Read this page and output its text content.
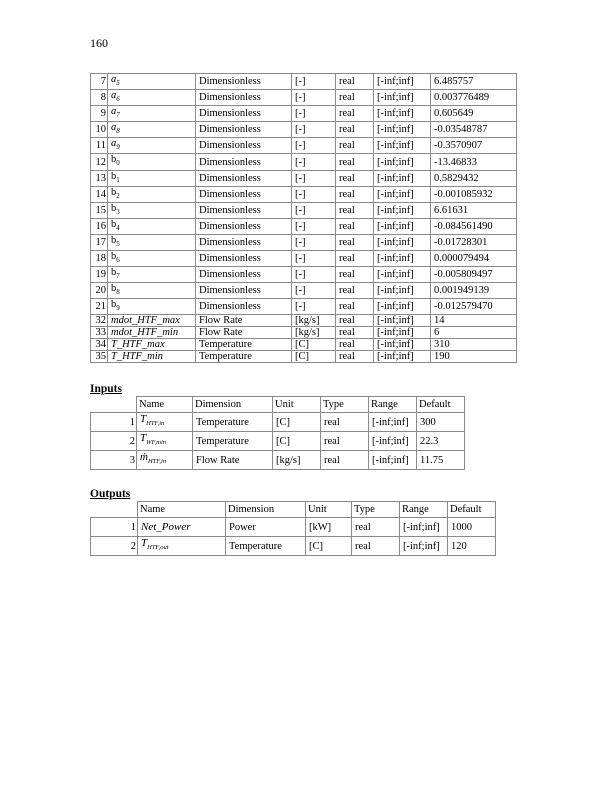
160
7	$a_5$	Dimensionless	[-]	real	[-inf;inf]	6.485757
8	$a_6$	Dimensionless	[-]	real	[-inf;inf]	0.003776489
9	$a_7$	Dimensionless	[-]	real	[-inf;inf]	0.605649
10	$a_8$	Dimensionless	[-]	real	[-inf;inf]	-0.03548787
11	$a_9$	Dimensionless	[-]	real	[-inf;inf]	-0.3570907
12	$b_0$	Dimensionless	[-]	real	[-inf;inf]	-13.46833
13	$b_1$	Dimensionless	[-]	real	[-inf;inf]	0.5829432
14	$b_2$	Dimensionless	[-]	real	[-inf;inf]	-0.001085932
15	$b_3$	Dimensionless	[-]	real	[-inf;inf]	6.61631
16	$b_4$	Dimensionless	[-]	real	[-inf;inf]	-0.084561490
17	$b_5$	Dimensionless	[-]	real	[-inf;inf]	-0.01728301
18	$b_6$	Dimensionless	[-]	real	[-inf;inf]	0.000079494
19	$b_7$	Dimensionless	[-]	real	[-inf;inf]	-0.005809497
20	$b_8$	Dimensionless	[-]	real	[-inf;inf]	0.001949139
21	$b_9$	Dimensionless	[-]	real	[-inf;inf]	-0.012579470
32	mdot_HTF_max	Flow Rate	[kg/s]	real	[-inf;inf]	14
33	mdot_HTF_min	Flow Rate	[kg/s]	real	[-inf;inf]	6
34	T_HTF_max	Temperature	[C]	real	[-inf;inf]	310
35	T_HTF_min	Temperature	[C]	real	[-inf;inf]	190
Inputs
	Name	Dimension	Unit	Type	Range	Default
1	$T_{HTF,in}$	Temperature	[C]	real	[-inf;inf]	300
2	$T_{WF,min}$	Temperature	[C]	real	[-inf;inf]	22.3
3	ṁ$_{HTF,in}$	Flow Rate	[kg/s]	real	[-inf;inf]	11.75
Outputs
	Name	Dimension	Unit	Type	Range	Default
1	Net_Power	Power	[kW]	real	[-inf;inf]	1000
2	$T_{HTF,out}$	Temperature	[C]	real	[-inf;inf]	120
